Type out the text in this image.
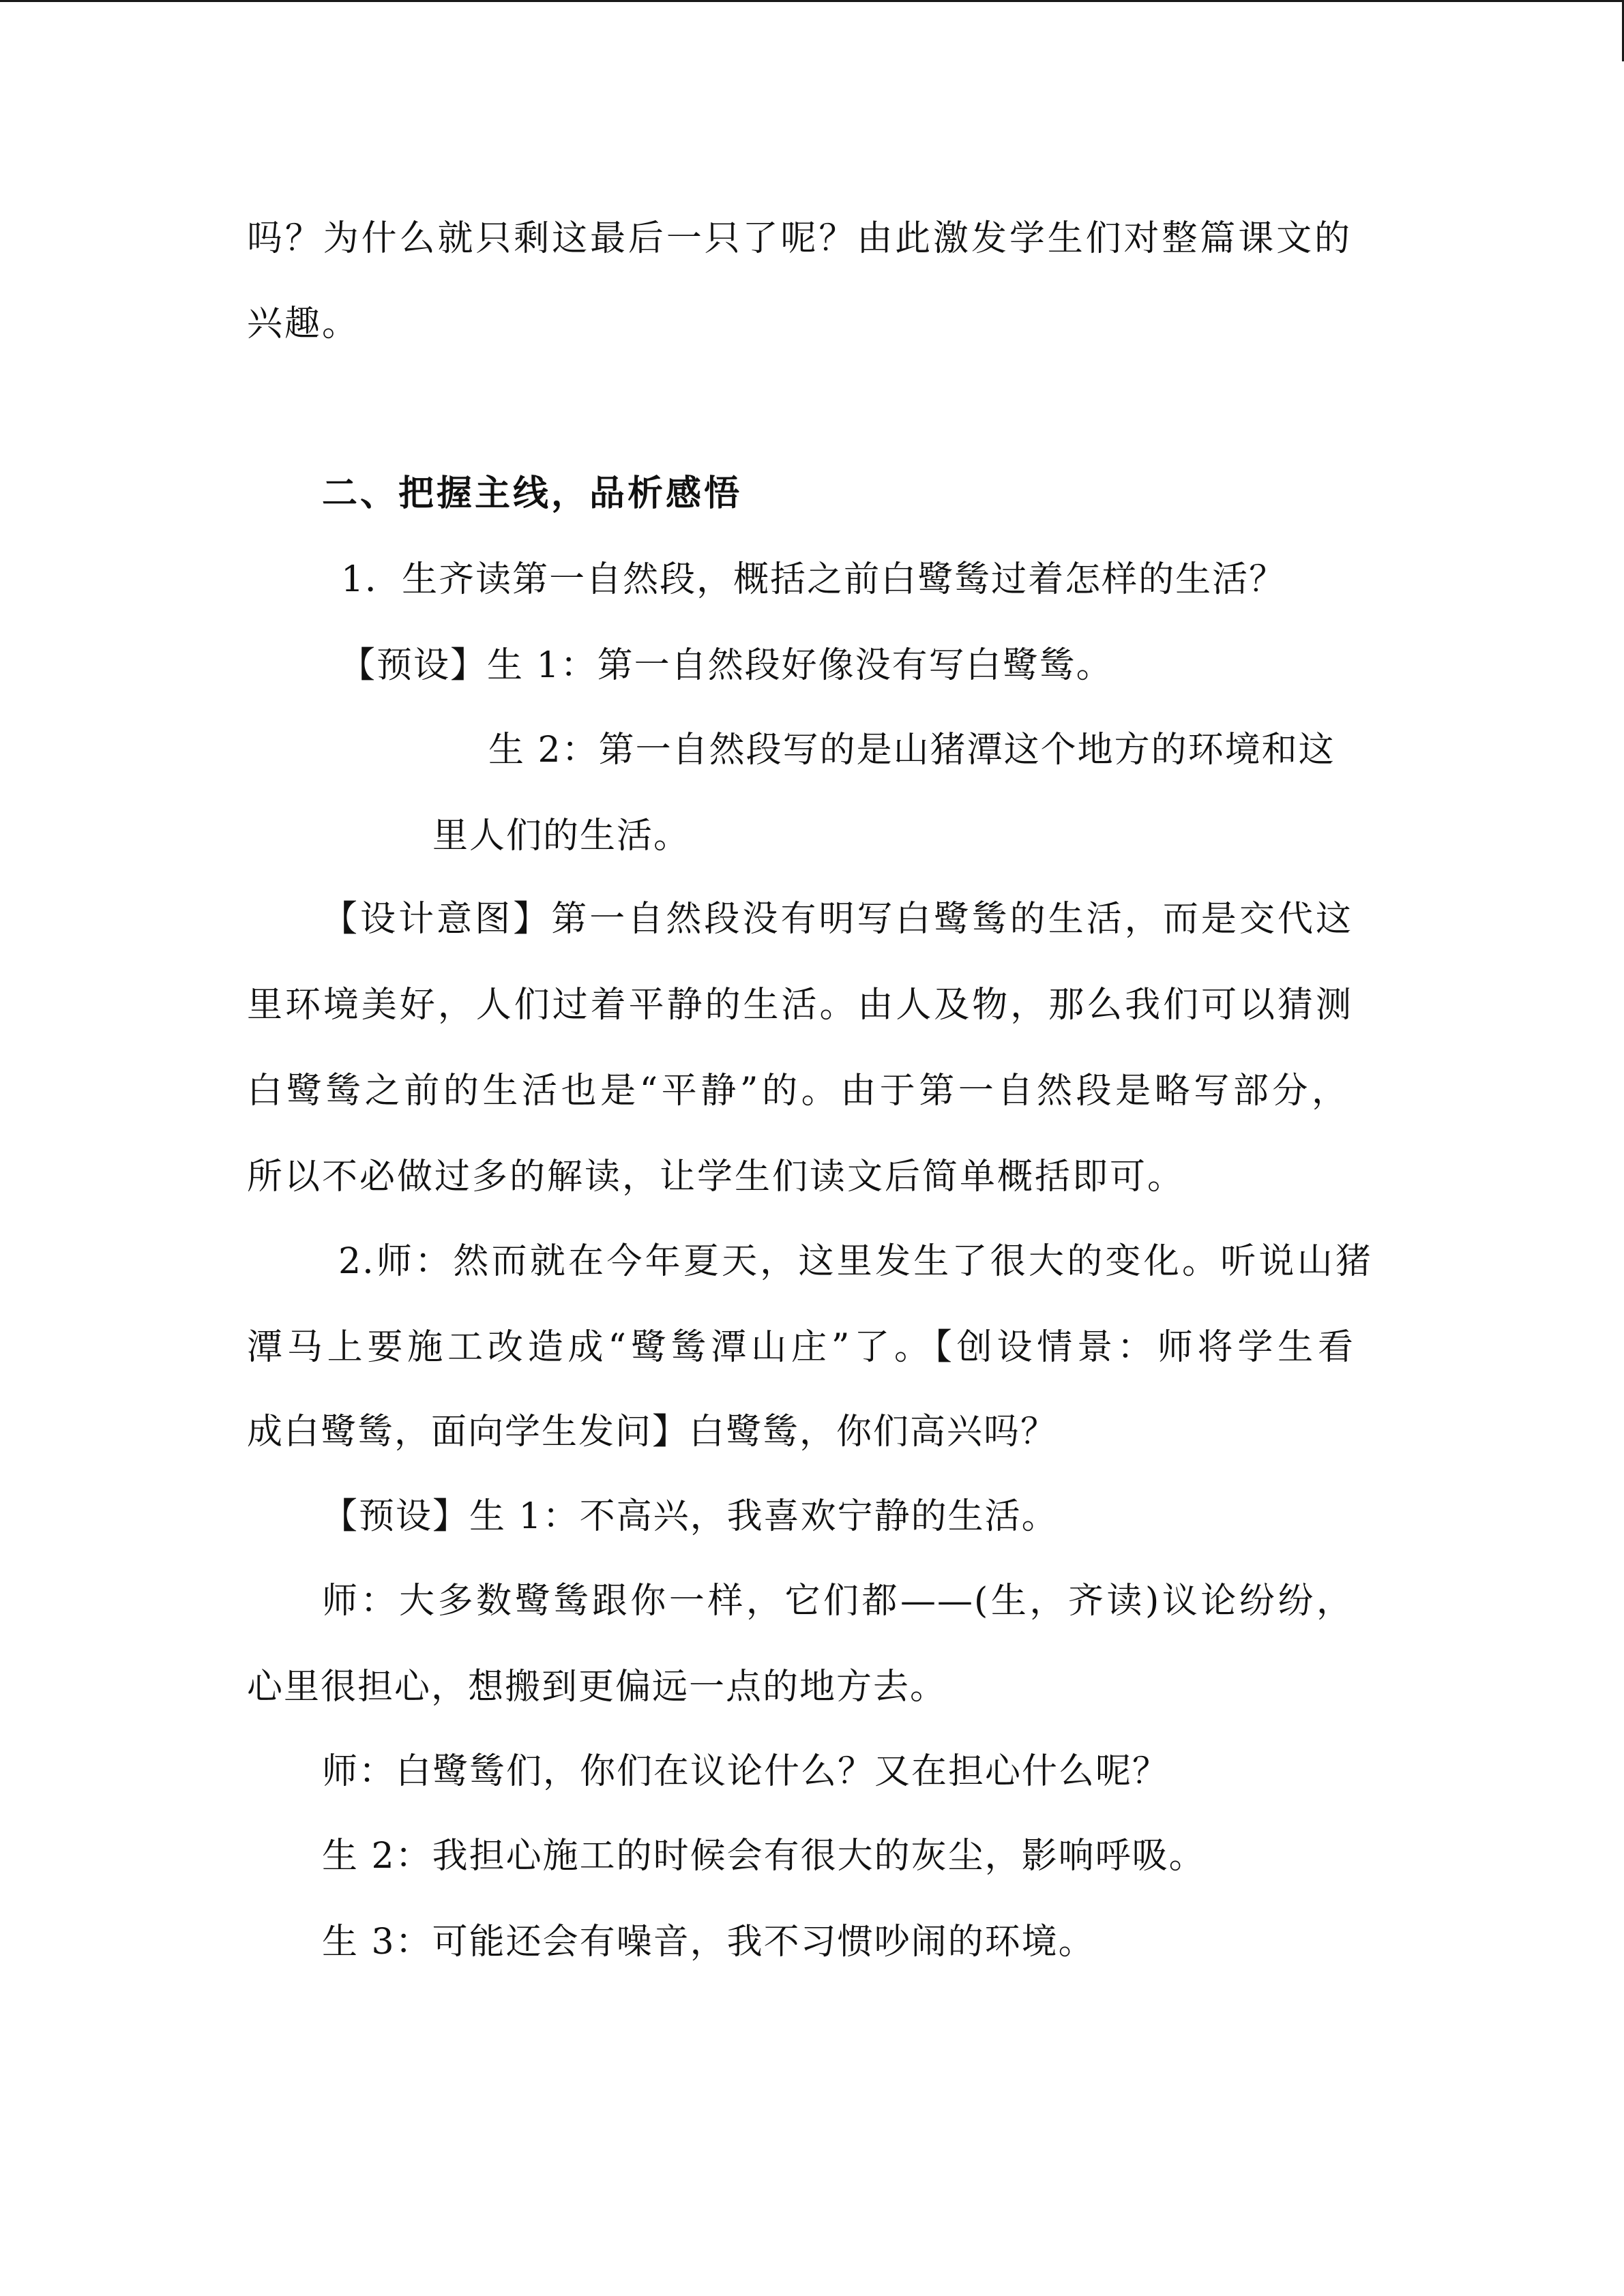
吗？为什么就只剩这最后一只了呢？由此激发学生们对整篇课文的
兴趣。
二、把握主线，品析感悟
1．生齐读第一自然段，概括之前白鹭鸶过着怎样的生活？
【预设】生 1：第一自然段好像没有写白鹭鸶。
生 2：第一自然段写的是山猪潭这个地方的环境和这
里人们的生活。
【设计意图】第一自然段没有明写白鹭鸶的生活，而是交代这
里环境美好，人们过着平静的生活。由人及物，那么我们可以猜测
白鹭鸶之前的生活也是“平静”的。由于第一自然段是略写部分，
所以不必做过多的解读，让学生们读文后简单概括即可。
2.师：然而就在今年夏天，这里发生了很大的变化。听说山猪
潭马上要施工改造成“鹭鸶潭山庄”了。【创设情景：师将学生看
成白鹭鸶，面向学生发问】白鹭鸶，你们高兴吗？
【预设】生 1：不高兴，我喜欢宁静的生活。
师：大多数鹭鸶跟你一样，它们都——(生，齐读)议论纷纷，
心里很担心，想搬到更偏远一点的地方去。
师：白鹭鸶们，你们在议论什么？又在担心什么呢？
生 2：我担心施工的时候会有很大的灰尘，影响呼吸。
生 3：可能还会有噪音，我不习惯吵闹的环境。
